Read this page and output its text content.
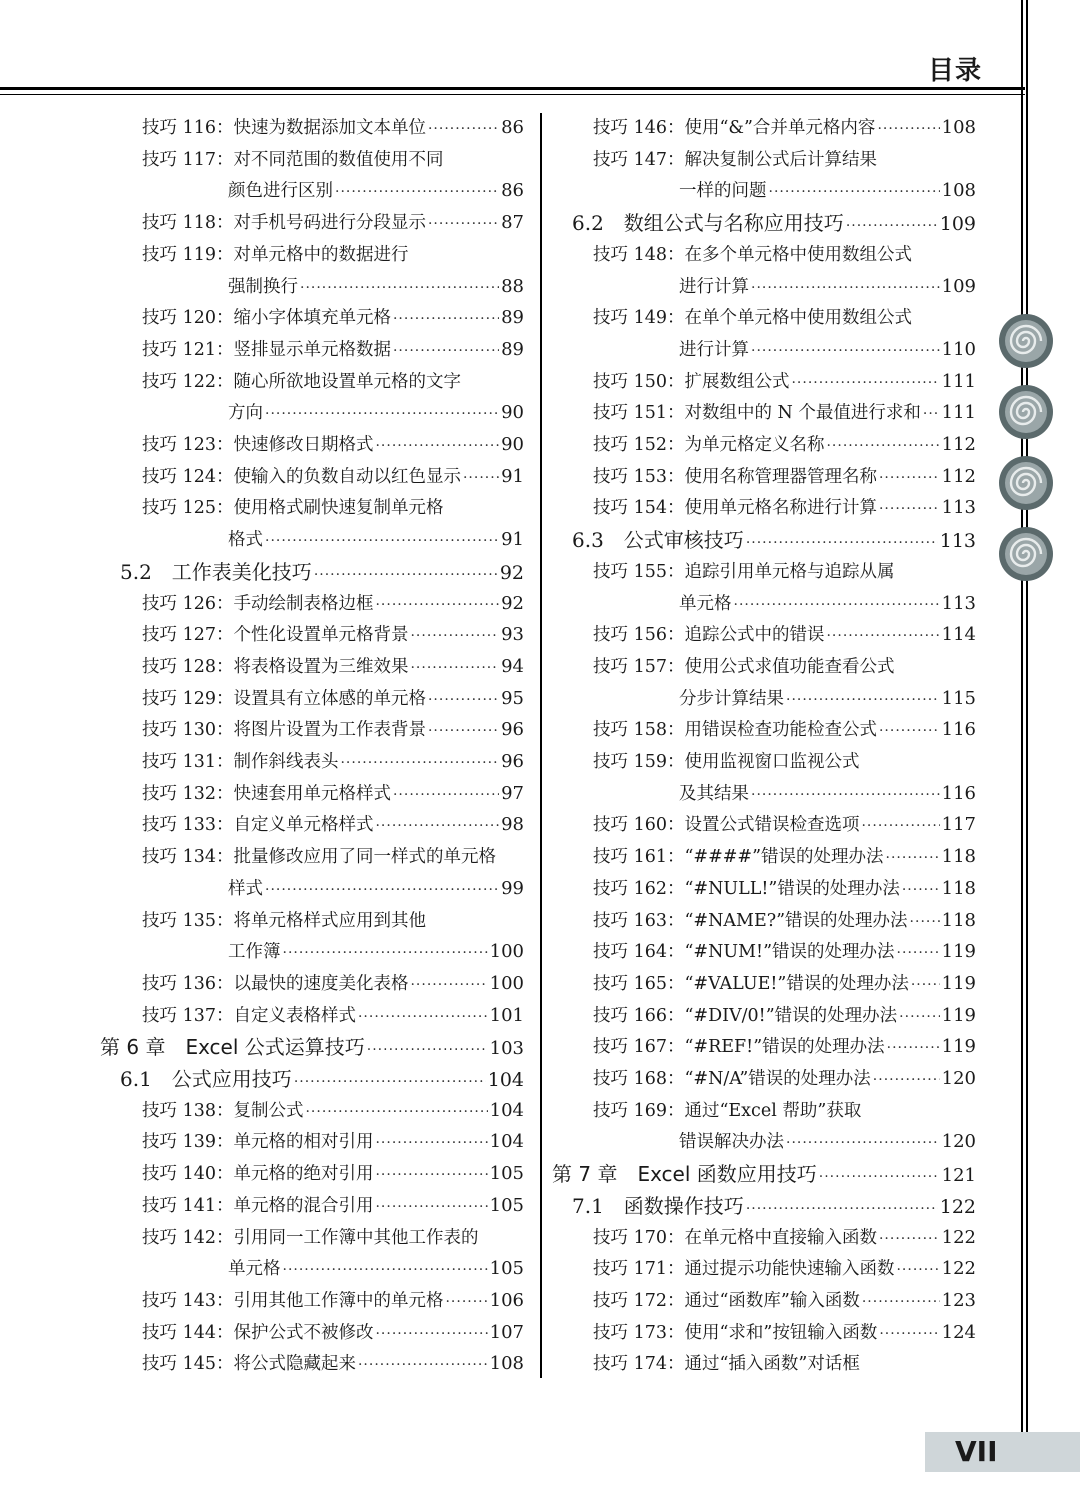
目录
技巧 116：快速为数据添加文本单位 ·····	86
技巧 117：对不同范围的数值使用不同
颜色进行区别 ·····	86
技巧 118：对手机号码进行分段显示 ·····	87
技巧 119：对单元格中的数据进行
强制换行 ·····	88
技巧 120：缩小字体填充单元格 ·····	89
技巧 121：竖排显示单元格数据 ·····	89
技巧 122：随心所欲地设置单元格的文字
方向 ·····	90
技巧 123：快速修改日期格式 ·····	90
技巧 124：使输入的负数自动以红色显示 ····· 91
技巧 125：使用格式刷快速复制单元格
格式 ·····	91
5.2　工作表美化技巧 ·····	92
技巧 126：手动绘制表格边框 ·····	92
技巧 127：个性化设置单元格背景 ·····	93
技巧 128：将表格设置为三维效果 ·····	94
技巧 129：设置具有立体感的单元格 ·····	95
技巧 130：将图片设置为工作表背景 ·····	96
技巧 131：制作斜线表头 ·····	96
技巧 132：快速套用单元格样式 ·····	97
技巧 133：自定义单元格样式 ·····	98
技巧 134：批量修改应用了同一样式的单元格
样式 ·····	99
技巧 135：将单元格样式应用到其他
工作簿 ·····	100
技巧 136：以最快的速度美化表格 ·····	100
技巧 137：自定义表格样式 ·····	101
第 6 章　Excel 公式运算技巧 ·····	103
6.1　公式应用技巧 ·····	104
技巧 138：复制公式 ·····	104
技巧 139：单元格的相对引用 ·····	104
技巧 140：单元格的绝对引用 ·····	105
技巧 141：单元格的混合引用 ·····	105
技巧 142：引用同一工作簿中其他工作表的
单元格 ·····	105
技巧 143：引用其他工作簿中的单元格 ·····	106
技巧 144：保护公式不被修改 ·····	107
技巧 145：将公式隐藏起来 ·····	108
技巧 146：使用“&”合并单元格内容 ·····	108
技巧 147：解决复制公式后计算结果
一样的问题 ·····	108
6.2　数组公式与名称应用技巧 ·····	109
技巧 148：在多个单元格中使用数组公式
进行计算 ·····	109
技巧 149：在单个单元格中使用数组公式
进行计算 ·····	110
技巧 150：扩展数组公式 ·····	111
技巧 151：对数组中的 N 个最值进行求和 ····· 111
技巧 152：为单元格定义名称 ·····	112
技巧 153：使用名称管理器管理名称 ·····	112
技巧 154：使用单元格名称进行计算 ·····	113
6.3　公式审核技巧 ·····	113
技巧 155：追踪引用单元格与追踪从属
单元格 ·····	113
技巧 156：追踪公式中的错误 ·····	114
技巧 157：使用公式求值功能查看公式
分步计算结果 ·····	115
技巧 158：用错误检查功能检查公式 ·····	116
技巧 159：使用监视窗口监视公式
及其结果 ·····	116
技巧 160：设置公式错误检查选项 ·····	117
技巧 161：“####”错误的处理办法 ·····	118
技巧 162：“#NULL!”错误的处理办法 ····· 118
技巧 163：“#NAME?”错误的处理办法 ····· 118
技巧 164：“#NUM!”错误的处理办法 ·····	119
技巧 165：“#VALUE!”错误的处理办法 ····· 119
技巧 166：“#DIV/0!”错误的处理办法 ····· 119
技巧 167：“#REF!”错误的处理办法 ·····	119
技巧 168：“#N/A”错误的处理办法 ·····	120
技巧 169：通过“Excel 帮助”获取
错误解决办法 ·····	120
第 7 章　Excel 函数应用技巧 ·····	121
7.1　函数操作技巧 ·····	122
技巧 170：在单元格中直接输入函数 ·····	122
技巧 171：通过提示功能快速输入函数 ·····	122
技巧 172：通过“函数库”输入函数 ·····	123
技巧 173：使用“求和”按钮输入函数 ·····	124
技巧 174：通过“插入函数”对话框
VII
